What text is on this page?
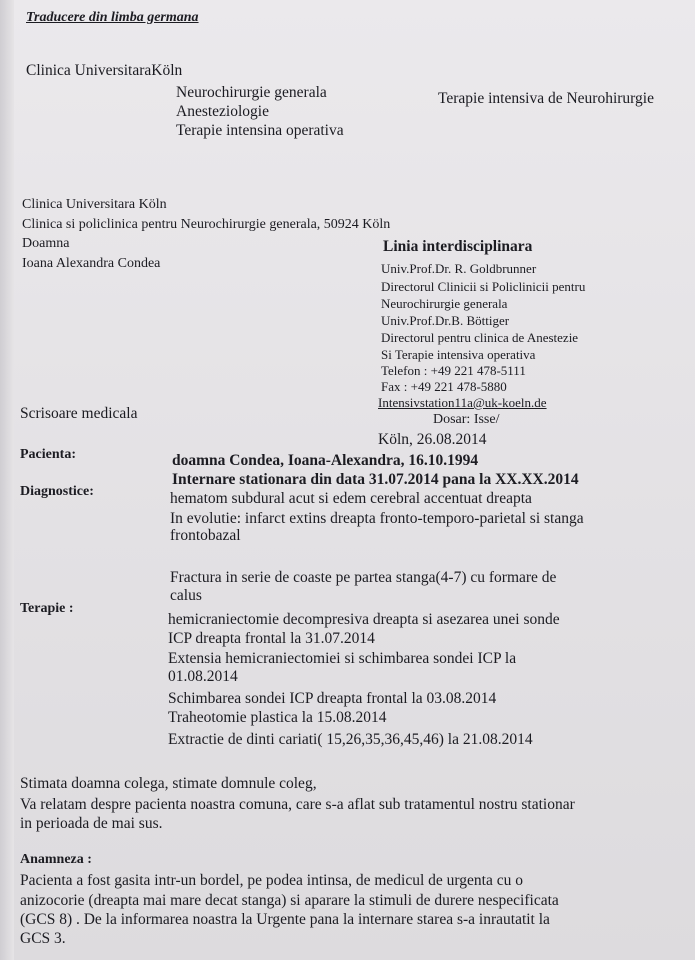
Traducere din limba germana
Clinica UniversitaraKöln
Neurochirurgie generala
Anesteziologie
Terapie intensina operativa
Terapie intensiva de Neurohirurgie
Clinica Universitara Köln
Clinica si policlinica pentru Neurochirurgie generala, 50924 Köln
Doamna
Ioana Alexandra Condea
Linia interdisciplinara
Univ.Prof.Dr. R. Goldbrunner
Directorul Clinicii si Policlinicii pentru
Neurochirurgie generala
Univ.Prof.Dr.B. Böttiger
Directorul pentru clinica de Anestezie
Si Terapie intensiva operativa
Telefon : +49 221 478-5111
Fax : +49 221 478-5880
Intensivstation11a@uk-koeln.de
Dosar: Isse/
Köln, 26.08.2014
Scrisoare medicala
Pacienta:	doamna Condea, Ioana-Alexandra, 16.10.1994
Internare stationara din data 31.07.2014 pana la XX.XX.2014
Diagnostice:	hematom subdural acut si edem cerebral accentuat dreapta
In evolutie: infarct extins dreapta fronto-temporo-parietal si stanga
frontobazal
Fractura in serie de coaste pe partea stanga(4-7) cu formare de
calus
Terapie :
hemicraniectomie decompresiva dreapta si asezarea unei sonde
ICP dreapta frontal la 31.07.2014
Extensia hemicraniectomiei si schimbarea sondei ICP la
01.08.2014
Schimbarea sondei ICP dreapta frontal la 03.08.2014
Traheotomie plastica la 15.08.2014
Extractie de dinti cariati( 15,26,35,36,45,46) la 21.08.2014
Stimata doamna colega, stimate domnule coleg,
Va relatam despre pacienta noastra comuna, care s-a aflat sub tratamentul nostru stationar
in perioada de mai sus.
Anamneza :
Pacienta a fost gasita intr-un bordel, pe podea intinsa, de medicul de urgenta cu o
anizocorie (dreapta mai mare decat stanga) si aparare la stimuli de durere nespecificata
(GCS 8) . De la informarea noastra la Urgente pana la internare starea s-a inrautatit la
GCS 3.
